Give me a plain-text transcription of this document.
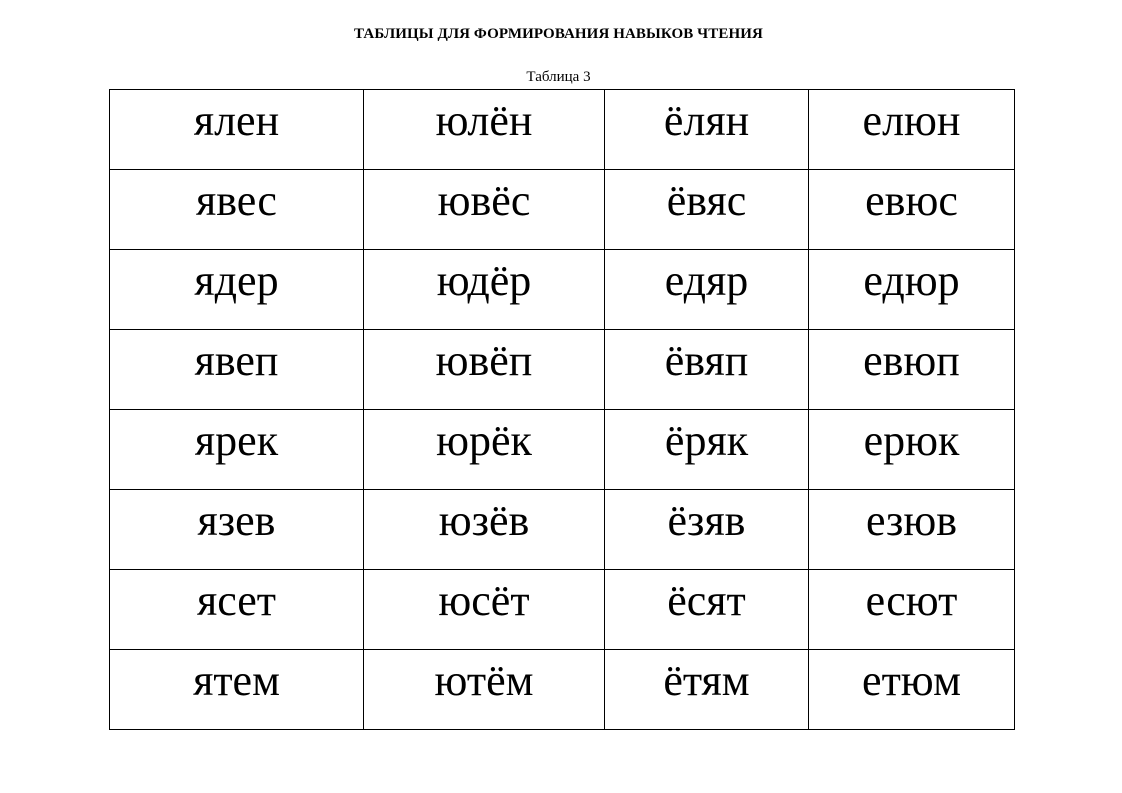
ТАБЛИЦЫ ДЛЯ ФОРМИРОВАНИЯ НАВЫКОВ ЧТЕНИЯ
Таблица 3
ялен	юлён	ёлян	елюн
явес	ювёс	ёвяс	евюс
ядер	юдёр	едяр	едюр
явеп	ювёп	ёвяп	евюп
ярек	юрёк	ёряк	ерюк
язев	юзёв	ёзяв	езюв
ясет	юсёт	ёсят	есют
ятем	ютём	ётям	етюм
